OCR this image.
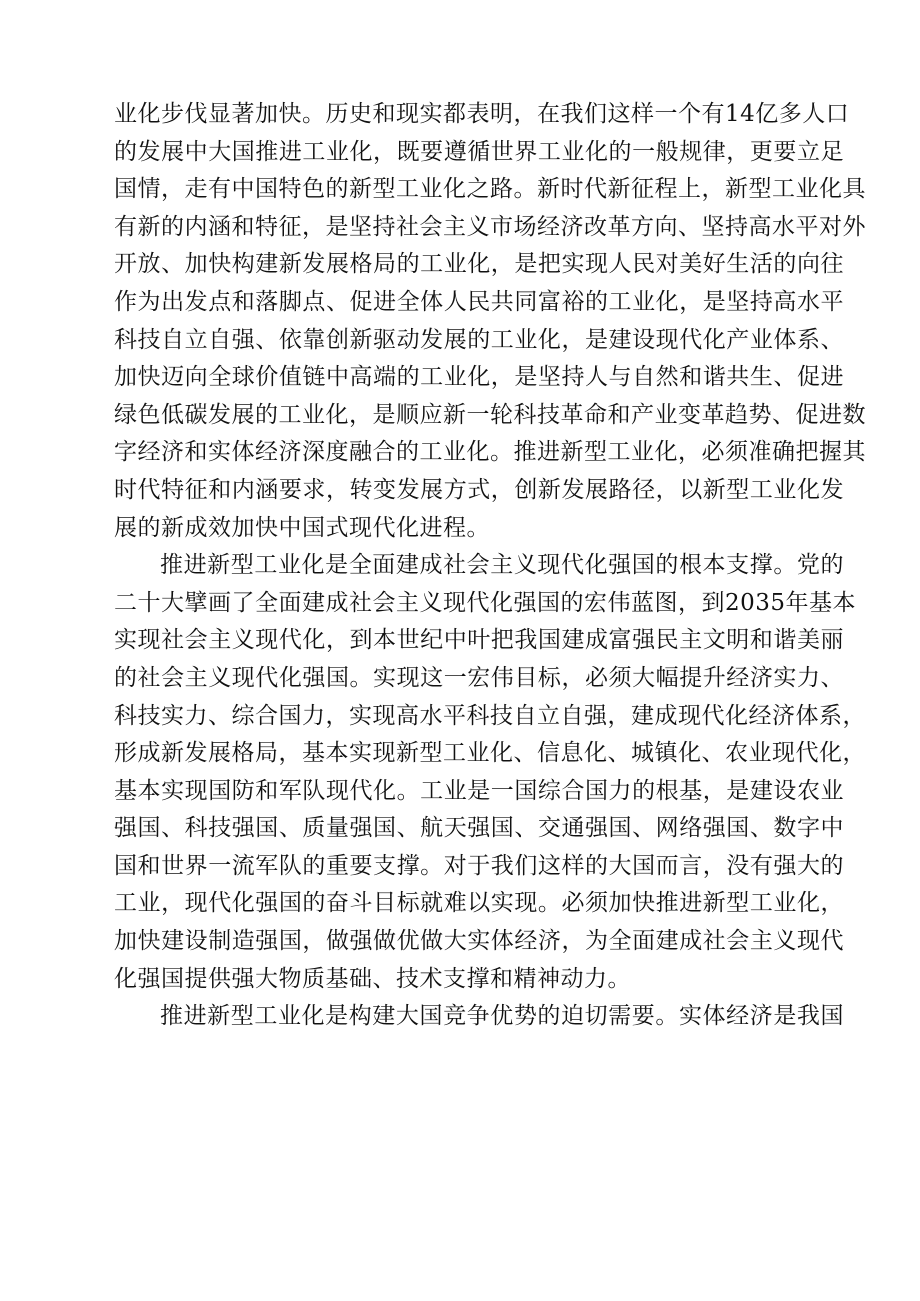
业化步伐显著加快。历史和现实都表明，在我们这样一个有14亿多人口
的发展中大国推进工业化，既要遵循世界工业化的一般规律，更要立足
国情，走有中国特色的新型工业化之路。新时代新征程上，新型工业化具
有新的内涵和特征，是坚持社会主义市场经济改革方向、坚持高水平对外
开放、加快构建新发展格局的工业化，是把实现人民对美好生活的向往
作为出发点和落脚点、促进全体人民共同富裕的工业化，是坚持高水平
科技自立自强、依靠创新驱动发展的工业化，是建设现代化产业体系、
加快迈向全球价值链中高端的工业化，是坚持人与自然和谐共生、促进
绿色低碳发展的工业化，是顺应新一轮科技革命和产业变革趋势、促进数
字经济和实体经济深度融合的工业化。推进新型工业化，必须准确把握其
时代特征和内涵要求，转变发展方式，创新发展路径，以新型工业化发
展的新成效加快中国式现代化进程。
推进新型工业化是全面建成社会主义现代化强国的根本支撑。党的
二十大擘画了全面建成社会主义现代化强国的宏伟蓝图，到2035年基本
实现社会主义现代化，到本世纪中叶把我国建成富强民主文明和谐美丽
的社会主义现代化强国。实现这一宏伟目标，必须大幅提升经济实力、
科技实力、综合国力，实现高水平科技自立自强，建成现代化经济体系，
形成新发展格局，基本实现新型工业化、信息化、城镇化、农业现代化，
基本实现国防和军队现代化。工业是一国综合国力的根基，是建设农业
强国、科技强国、质量强国、航天强国、交通强国、网络强国、数字中
国和世界一流军队的重要支撑。对于我们这样的大国而言，没有强大的
工业，现代化强国的奋斗目标就难以实现。必须加快推进新型工业化，
加快建设制造强国，做强做优做大实体经济，为全面建成社会主义现代
化强国提供强大物质基础、技术支撑和精神动力。
推进新型工业化是构建大国竞争优势的迫切需要。实体经济是我国
